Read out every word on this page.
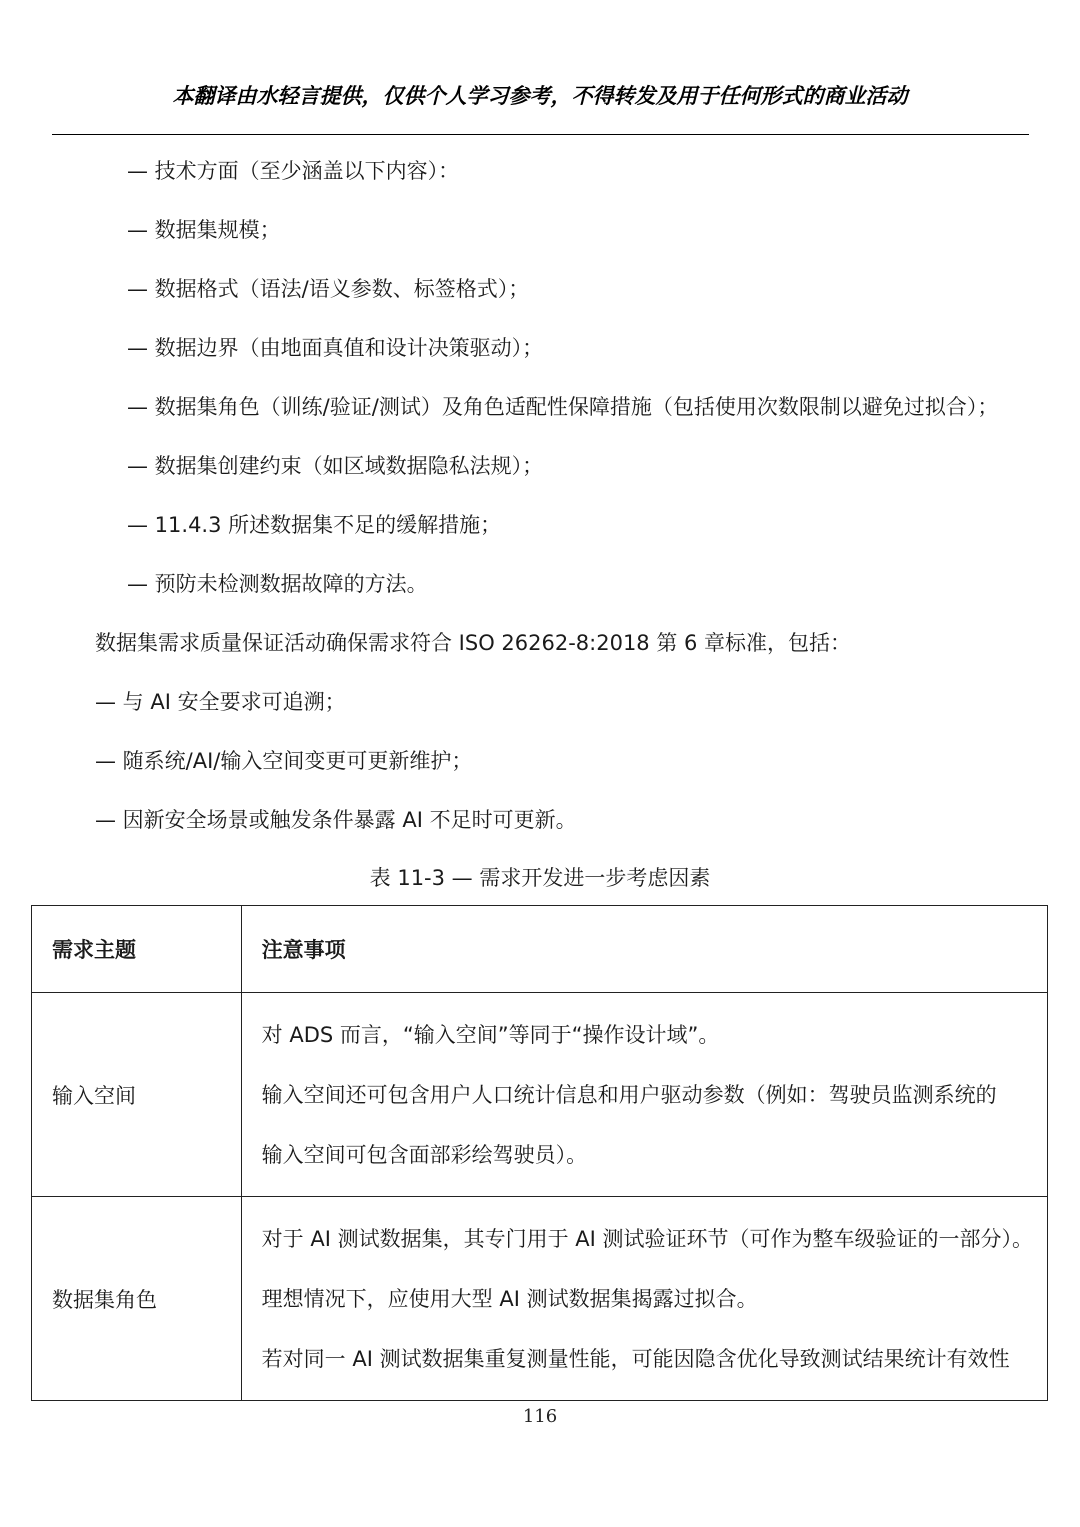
本翻译由水轻言提供，仅供个人学习参考，不得转发及用于任何形式的商业活动
— 技术方面（至少涵盖以下内容）：
— 数据集规模；
— 数据格式（语法/语义参数、标签格式）；
— 数据边界（由地面真值和设计决策驱动）；
— 数据集角色（训练/验证/测试）及角色适配性保障措施（包括使用次数限制以避免过拟合）；
— 数据集创建约束（如区域数据隐私法规）；
— 11.4.3 所述数据集不足的缓解措施；
— 预防未检测数据故障的方法。
数据集需求质量保证活动确保需求符合 ISO 26262-8:2018 第 6 章标准，包括：
— 与 AI 安全要求可追溯；
— 随系统/AI/输入空间变更可更新维护；
— 因新安全场景或触发条件暴露 AI 不足时可更新。
表 11-3 — 需求开发进一步考虑因素
需求主题	注意事项
输入空间	对 ADS 而言，“输入空间”等同于“操作设计域”。
输入空间还可包含用户人口统计信息和用户驱动参数（例如：驾驶员监测系统的
输入空间可包含面部彩绘驾驶员）。

数据集角色	对于 AI 测试数据集，其专门用于 AI 测试验证环节（可作为整车级验证的一部分）。
理想情况下，应使用大型 AI 测试数据集揭露过拟合。
若对同一 AI 测试数据集重复测量性能，可能因隐含优化导致测试结果统计有效性
116
